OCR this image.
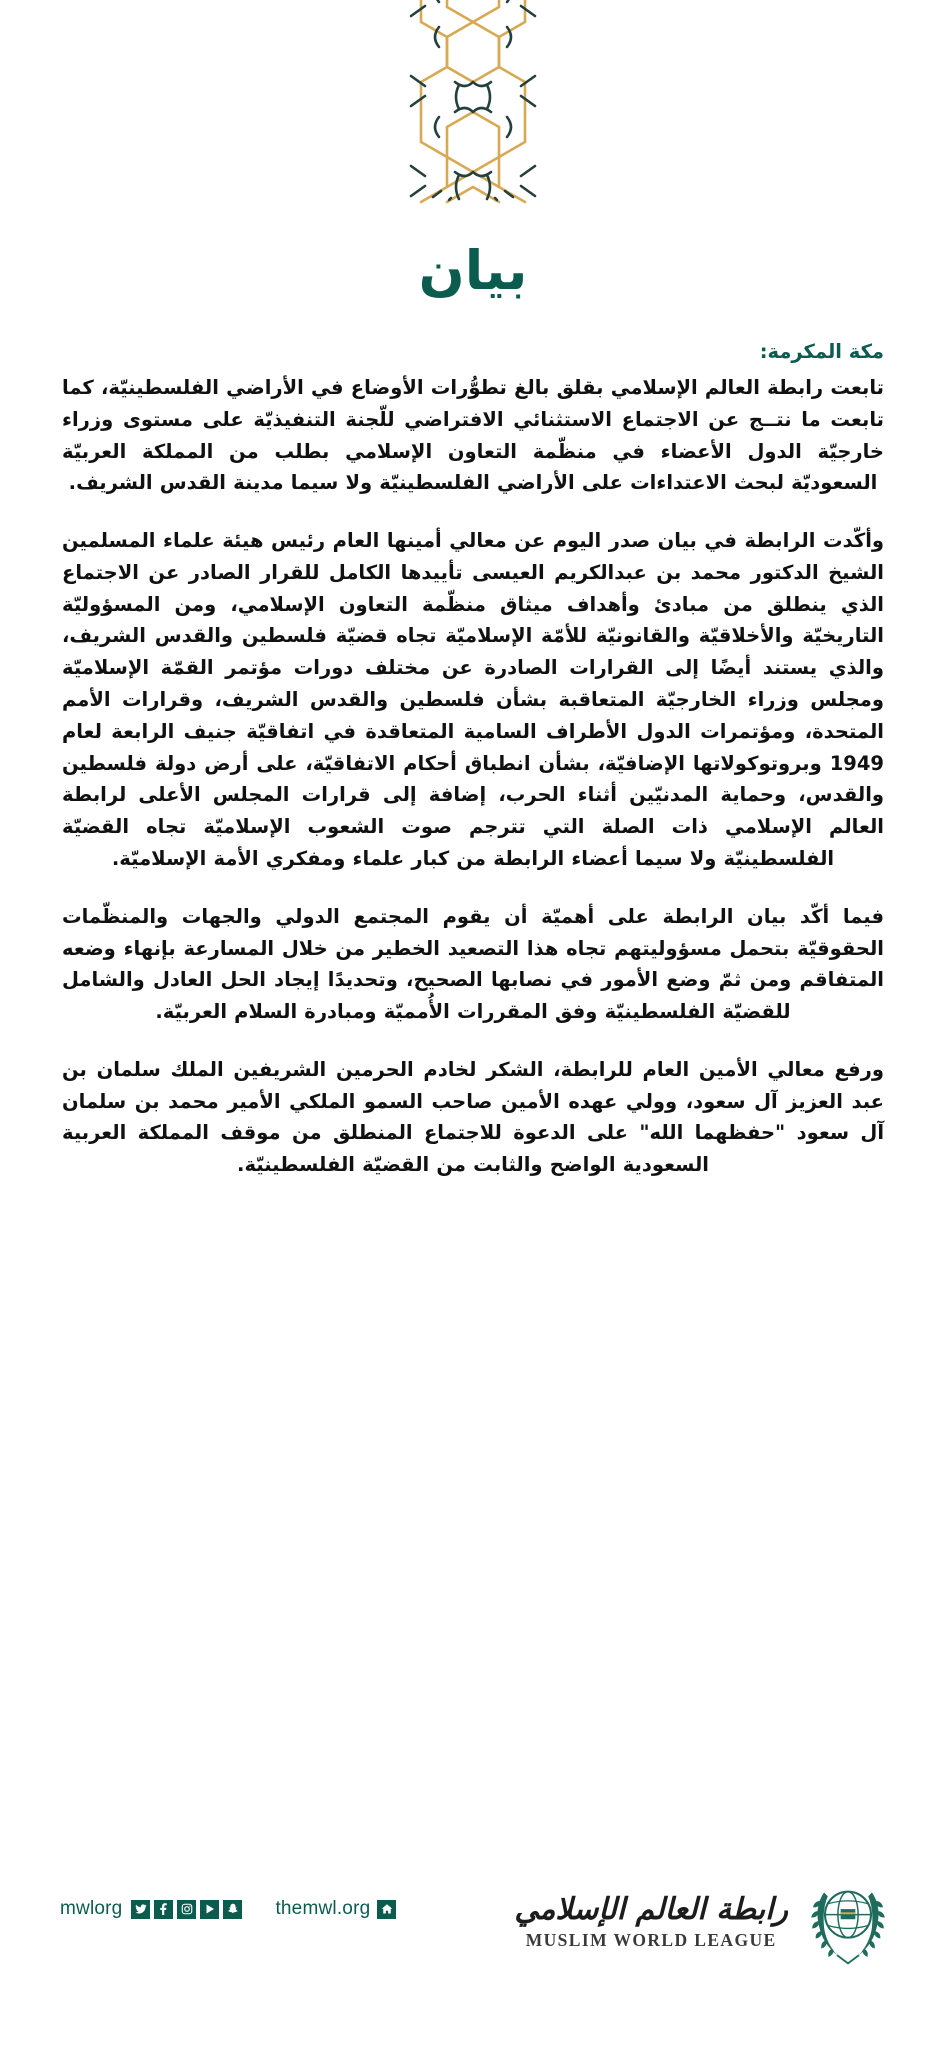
بيان
مكة المكرمة:

تابعت رابطة العالم الإسلامي بقلق بالغ تطوُّرات الأوضاع في الأراضي الفلسطينيّة، كما تابعت ما نتــج عن الاجتماع الاستثنائي الافتراضي للّجنة التنفيذيّة على مستوى وزراء خارجيّة الدول الأعضاء في منظّمة التعاون الإسلامي بطلب من المملكة العربيّة السعوديّة لبحث الاعتداءات على الأراضي الفلسطينيّة ولا سيما مدينة القدس الشريف.

وأكّدت الرابطة في بيان صدر اليوم عن معالي أمينها العام رئيس هيئة علماء المسلمين الشيخ الدكتور محمد بن عبدالكريم العيسى تأييدها الكامل للقرار الصادر عن الاجتماع الذي ينطلق من مبادئ وأهداف ميثاق منظّمة التعاون الإسلامي، ومن المسؤوليّة التاريخيّة والأخلاقيّة والقانونيّة للأمّة الإسلاميّة تجاه قضيّة فلسطين والقدس الشريف، والذي يستند أيضًا إلى القرارات الصادرة عن مختلف دورات مؤتمر القمّة الإسلاميّة ومجلس وزراء الخارجيّة المتعاقبة بشأن فلسطين والقدس الشريف، وقرارات الأمم المتحدة، ومؤتمرات الدول الأطراف السامية المتعاقدة في اتفاقيّة جنيف الرابعة لعام 1949 وبروتوكولاتها الإضافيّة، بشأن انطباق أحكام الاتفاقيّة، على أرض دولة فلسطين والقدس، وحماية المدنيّين أثناء الحرب، إضافة إلى قرارات المجلس الأعلى لرابطة العالم الإسلامي ذات الصلة التي تترجم صوت الشعوب الإسلاميّة تجاه القضيّة الفلسطينيّة ولا سيما أعضاء الرابطة من كبار علماء ومفكري الأمة الإسلاميّة.

فيما أكّد بيان الرابطة على أهميّة أن يقوم المجتمع الدولي والجهات والمنظّمات الحقوقيّة بتحمل مسؤوليتهم تجاه هذا التصعيد الخطير من خلال المسارعة بإنهاء وضعه المتفاقم ومن ثمّ وضع الأمور في نصابها الصحيح، وتحديدًا إيجاد الحل العادل والشامل للقضيّة الفلسطينيّة وفق المقررات الأُمميّة ومبادرة السلام العربيّة.

ورفع معالي الأمين العام للرابطة، الشكر لخادم الحرمين الشريفين الملك سلمان بن عبد العزيز آل سعود، وولي عهده الأمين صاحب السمو الملكي الأمير محمد بن سلمان آل سعود "حفظهما الله" على الدعوة للاجتماع المنطلق من موقف المملكة العربية السعودية الواضح والثابت من القضيّة الفلسطينيّة.

mwlorg	themwl.org	رابطة العالم الإسلامي
MUSLIM WORLD LEAGUE
